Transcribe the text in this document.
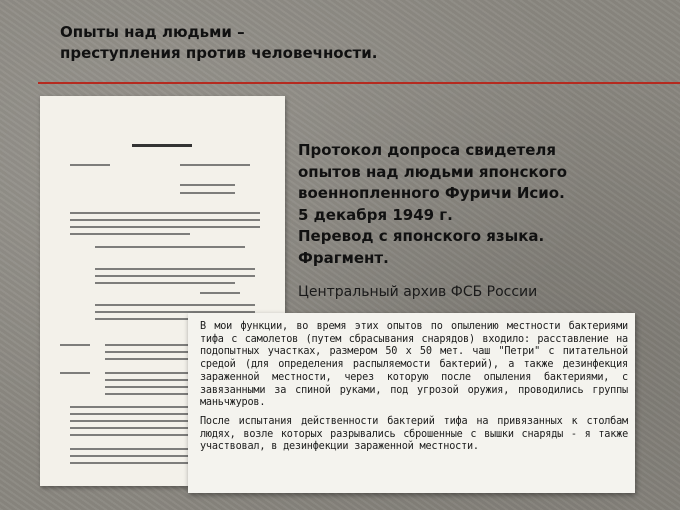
Опыты над людьми –
преступления против человечности.
Протокол допроса свидетеля
опытов над людьми японского
военнопленного Фуричи Исио.
5 декабря 1949 г.
Перевод с японского языка.
Фрагмент.
Центральный архив ФСБ России

В мои функции, во время этих опытов по опылению местности бактериями тифа с самолетов (путем сбрасывания снарядов) входило: расставление на подопытных участках, размером 50 x 50 мет. чаш "Петри" с питательной средой (для определения распыляемости бактерий), а также дезинфекция зараженной местности, через которую после опыления бактериями, с завязанными за спиной руками, под угрозой оружия, проводились группы маньчжуров.

После испытания действенности бактерий тифа на привязанных к столбам людях, возле которых разрывались сброшенные с вышки снаряды - я также участвовал, в дезинфекции зараженной местности.
